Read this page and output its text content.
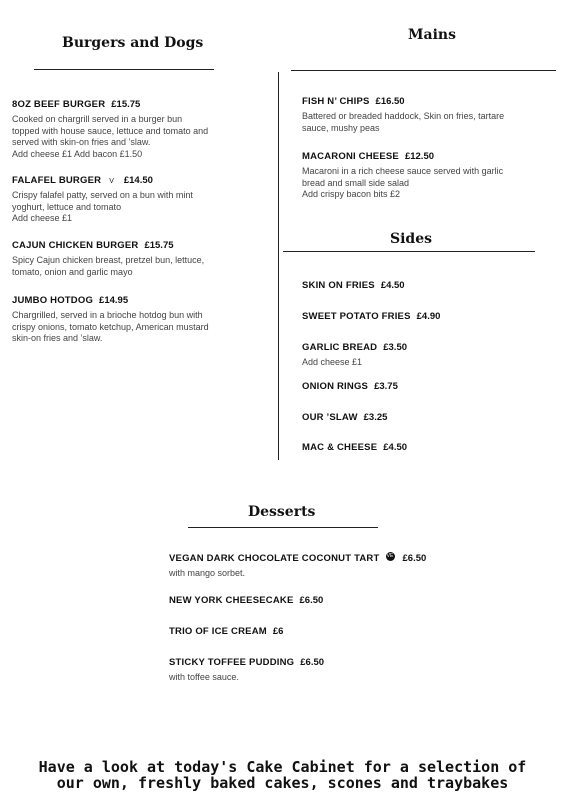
Burgers and Dogs
8OZ BEEF BURGER £15.75
Cooked on chargrill served in a burger bun
topped with house sauce, lettuce and tomato and
served with skin-on fries and ’slaw.
Add cheese £1 Add bacon £1.50
FALAFEL BURGER V £14.50
Crispy falafel patty, served on a bun with mint
yoghurt, lettuce and tomato
Add cheese £1
CAJUN CHICKEN BURGER £15.75
Spicy Cajun chicken breast, pretzel bun, lettuce,
tomato, onion and garlic mayo
JUMBO HOTDOG £14.95
Chargrilled, served in a brioche hotdog bun with
crispy onions, tomato ketchup, American mustard
skin-on fries and ’slaw.
Mains
FISH N’ CHIPS £16.50
Battered or breaded haddock, Skin on fries, tartare
sauce, mushy peas
MACARONI CHEESE £12.50
Macaroni in a rich cheese sauce served with garlic
bread and small side salad
Add crispy bacon bits £2
Sides
SKIN ON FRIES £4.50
SWEET POTATO FRIES £4.90
GARLIC BREAD £3.50
Add cheese £1
ONION RINGS £3.75
OUR ’SLAW £3.25
MAC & CHEESE £4.50
Desserts
VEGAN DARK CHOCOLATE COCONUT TART VE £6.50
with mango sorbet.
NEW YORK CHEESECAKE £6.50
TRIO OF ICE CREAM £6
STICKY TOFFEE PUDDING £6.50
with toffee sauce.
Have a look at today's Cake Cabinet for a selection of
our own, freshly baked cakes, scones and traybakes
